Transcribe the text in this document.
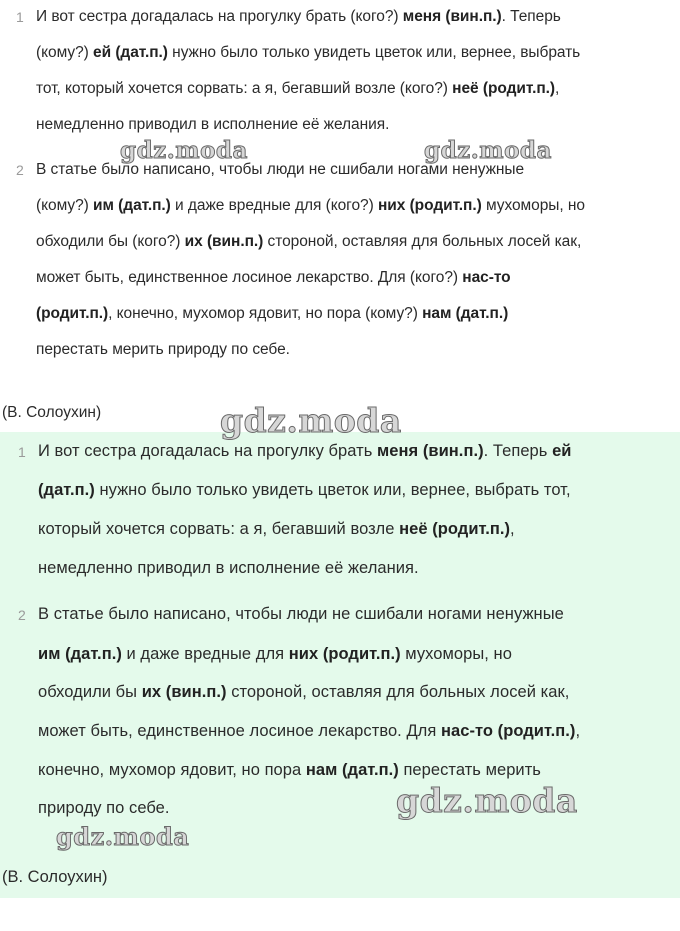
1 И вот сестра догадалась на прогулку брать (кого?) меня (вин.п.). Теперь
(кому?) ей (дат.п.) нужно было только увидеть цветок или, вернее, выбрать
тот, который хочется сорвать: а я, бегавший возле (кого?) неё (родит.п.),
немедленно приводил в исполнение её желания.
2 В статье было написано, чтобы люди не сшибали ногами ненужные
(кому?) им (дат.п.) и даже вредные для (кого?) них (родит.п.) мухоморы, но
обходили бы (кого?) их (вин.п.) стороной, оставляя для больных лосей как,
может быть, единственное лосиное лекарство. Для (кого?) нас-то
(родит.п.), конечно, мухомор ядовит, но пора (кому?) нам (дат.п.)
перестать мерить природу по себе.
(В. Солоухин)
1 И вот сестра догадалась на прогулку брать меня (вин.п.). Теперь ей
(дат.п.) нужно было только увидеть цветок или, вернее, выбрать тот,
который хочется сорвать: а я, бегавший возле неё (родит.п.),
немедленно приводил в исполнение её желания.
2 В статье было написано, чтобы люди не сшибали ногами ненужные
им (дат.п.) и даже вредные для них (родит.п.) мухоморы, но
обходили бы их (вин.п.) стороной, оставляя для больных лосей как,
может быть, единственное лосиное лекарство. Для нас-то (родит.п.),
конечно, мухомор ядовит, но пора нам (дат.п.) перестать мерить
природу по себе.
(В. Солоухин)
gdz.moda	gdz.moda
gdz.moda
gdz.moda
gdz.moda
